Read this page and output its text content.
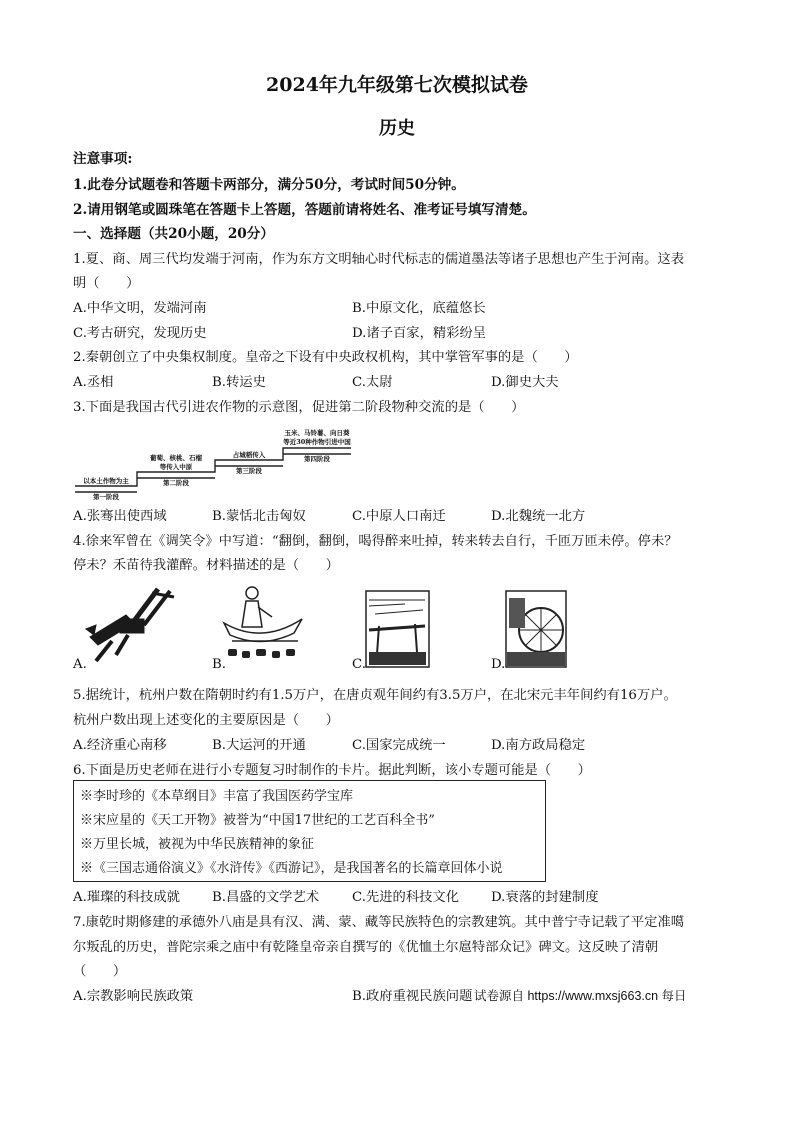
2024年九年级第七次模拟试卷
历史
注意事项:
1.此卷分试题卷和答题卡两部分，满分50分，考试时间50分钟。
2.请用钢笔或圆珠笔在答题卡上答题，答题前请将姓名、准考证号填写清楚。
一、选择题（共20小题，20分）
1.夏、商、周三代均发端于河南，作为东方文明轴心时代标志的儒道墨法等诸子思想也产生于河南。这表
明（　　）
A.中华文明，发端河南	B.中原文化，底蕴悠长
C.考古研究，发现历史	D.诸子百家，精彩纷呈
2.秦朝创立了中央集权制度。皇帝之下设有中央政权机构，其中掌管军事的是（　　）
A.丞相	B.转运史	C.太尉	D.御史大夫
3.下面是我国古代引进农作物的示意图，促进第二阶段物种交流的是（　　）
以本土作物为主
第一阶段
葡萄、核桃、石榴
等传入中原
第二阶段
占城稻传入
第三阶段
玉米、马铃薯、向日葵
等近30种作物引进中国
第四阶段
A.张骞出使西域	B.蒙恬北击匈奴	C.中原人口南迁	D.北魏统一北方
4.徐来军曾在《调笑令》中写道：“翻倒，翻倒，喝得醉来吐掉，转来转去自行，千匝万匝未停。停未？
停未？禾苗待我灌醉。材料描述的是（　　）
A.	B.	C.	D.
5.据统计，杭州户数在隋朝时约有1.5万户，在唐贞观年间约有3.5万户，在北宋元丰年间约有16万户。
杭州户数出现上述变化的主要原因是（　　）
A.经济重心南移	B.大运河的开通	C.国家完成统一	D.南方政局稳定
6.下面是历史老师在进行小专题复习时制作的卡片。据此判断，该小专题可能是（　　）
※李时珍的《本草纲目》丰富了我国医药学宝库
※宋应星的《天工开物》被誉为“中国17世纪的工艺百科全书”
※万里长城，被视为中华民族精神的象征
※《三国志通俗演义》《水浒传》《西游记》，是我国著名的长篇章回体小说
A.璀璨的科技成就 B.昌盛的文学艺术 C.先进的科技文化 D.衰落的封建制度
7.康乾时期修建的承德外八庙是具有汉、满、蒙、藏等民族特色的宗教建筑。其中普宁寺记载了平定准噶
尔叛乱的历史，普陀宗乘之庙中有乾隆皇帝亲自撰写的《优恤土尔扈特部众记》碑文。这反映了清朝
（　　）
A.宗教影响民族政策	B.政府重视民族问题 试卷源自 https://www.mxsj663.cn 每日
